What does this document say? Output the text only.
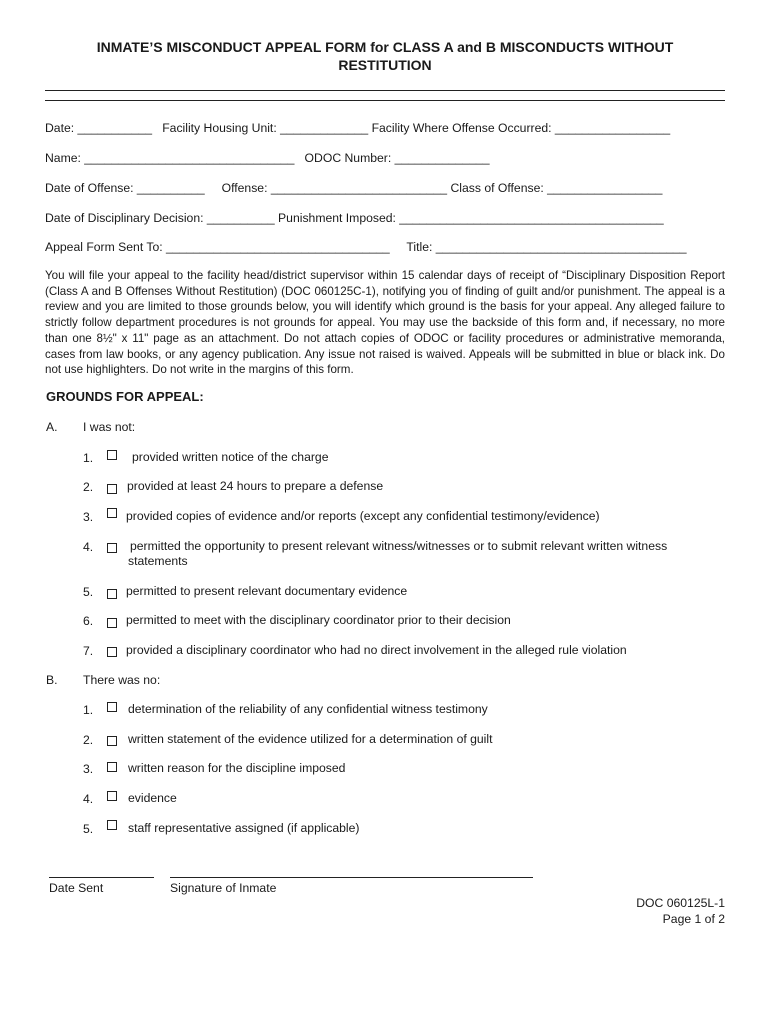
INMATE’S MISCONDUCT APPEAL FORM for CLASS A and B MISCONDUCTS WITHOUT RESTITUTION
Date: ___________   Facility Housing Unit: _____________ Facility Where Offense Occurred: _________________
Name: _______________________________   ODOC Number: ______________
Date of Offense: __________     Offense: __________________________ Class of Offense: _________________
Date of Disciplinary Decision: __________ Punishment Imposed: _______________________________________
Appeal Form Sent To: _________________________________     Title: _____________________________________
You will file your appeal to the facility head/district supervisor within 15 calendar days of receipt of “Disciplinary Disposition Report (Class A and B Offenses Without Restitution) (DOC 060125C-1), notifying you of finding of guilt and/or punishment. The appeal is a review and you are limited to those grounds below, you will identify which ground is the basis for your appeal. Any alleged failure to strictly follow department procedures is not grounds for appeal. You may use the backside of this form and, if necessary, no more than one 8½" x 11" page as an attachment. Do not attach copies of ODOC or facility procedures or administrative memoranda, cases from law books, or any agency publication. Any issue not raised is waived. Appeals will be submitted in blue or black ink. Do not use highlighters. Do not write in the margins of this form.
GROUNDS FOR APPEAL:
A. I was not:
1.	provided written notice of the charge
2.	provided at least 24 hours to prepare a defense
3.	provided copies of evidence and/or reports (except any confidential testimony/evidence)
4.	permitted the opportunity to present relevant witness/witnesses or to submit relevant written witness
statements
5.	permitted to present relevant documentary evidence
6.	permitted to meet with the disciplinary coordinator prior to their decision
7.	provided a disciplinary coordinator who had no direct involvement in the alleged rule violation
B. There was no:
1.	determination of the reliability of any confidential witness testimony
2.	written statement of the evidence utilized for a determination of guilt
3.	written reason for the discipline imposed
4.	evidence
5.	staff representative assigned (if applicable)
Date Sent	Signature of Inmate
DOC 060125L-1
Page 1 of 2
